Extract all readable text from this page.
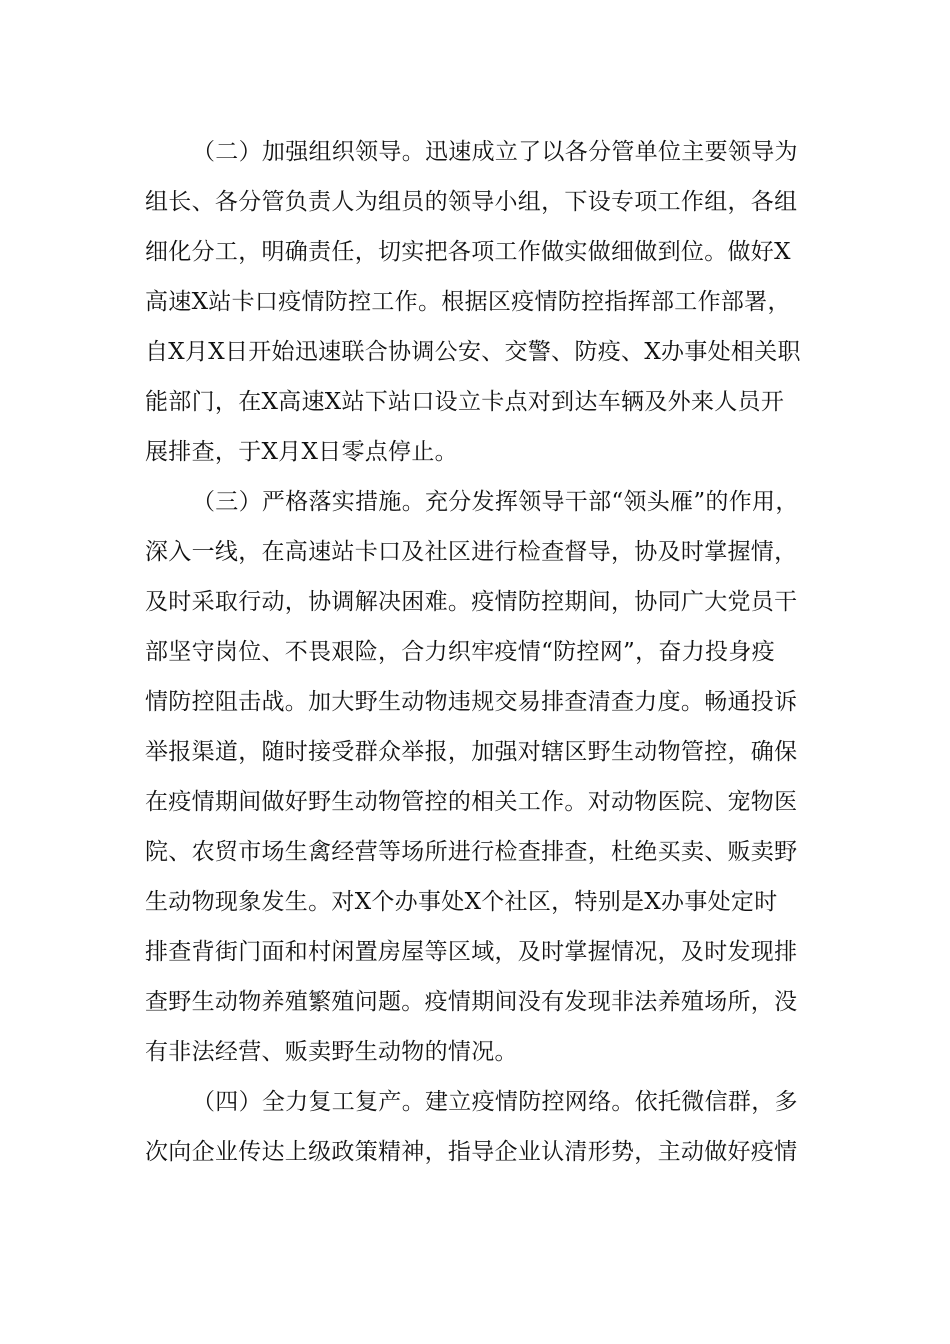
（二）加强组织领导。迅速成立了以各分管单位主要领导为
组长、各分管负责人为组员的领导小组，下设专项工作组，各组
细化分工，明确责任，切实把各项工作做实做细做到位。做好X
高速X站卡口疫情防控工作。根据区疫情防控指挥部工作部署，
自X月X日开始迅速联合协调公安、交警、防疫、X办事处相关职
能部门，在X高速X站下站口设立卡点对到达车辆及外来人员开
展排查，于X月X日零点停止。
（三）严格落实措施。充分发挥领导干部“领头雁”的作用，
深入一线，在高速站卡口及社区进行检查督导，协及时掌握情，
及时采取行动，协调解决困难。疫情防控期间，协同广大党员干
部坚守岗位、不畏艰险，合力织牢疫情“防控网”，奋力投身疫
情防控阻击战。加大野生动物违规交易排查清查力度。畅通投诉
举报渠道，随时接受群众举报，加强对辖区野生动物管控，确保
在疫情期间做好野生动物管控的相关工作。对动物医院、宠物医
院、农贸市场生禽经营等场所进行检查排查，杜绝买卖、贩卖野
生动物现象发生。对X个办事处X个社区，特别是X办事处定时
排查背街门面和村闲置房屋等区域，及时掌握情况，及时发现排
查野生动物养殖繁殖问题。疫情期间没有发现非法养殖场所，没
有非法经营、贩卖野生动物的情况。
（四）全力复工复产。建立疫情防控网络。依托微信群，多
次向企业传达上级政策精神，指导企业认清形势，主动做好疫情
